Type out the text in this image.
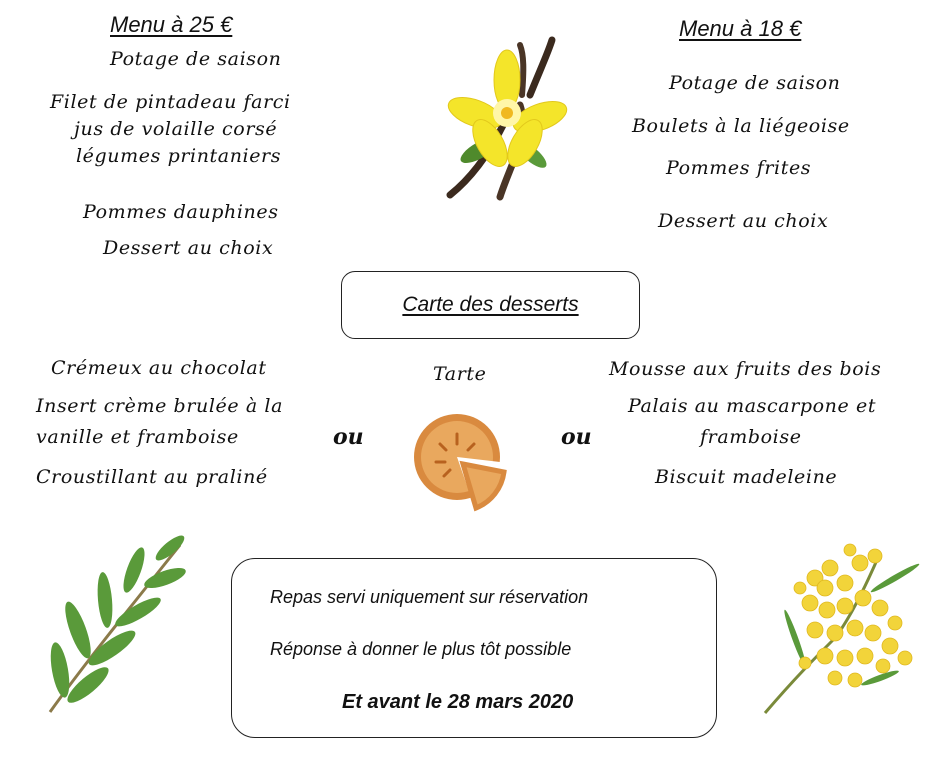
Menu à 25 €
Potage de saison
Filet de pintadeau farci
jus de volaille corsé
légumes printaniers
Pommes dauphines
Dessert au choix
Menu à 18 €
Potage de saison
Boulets à la liégeoise
Pommes frites
Dessert au choix
Carte des desserts
Crémeux au chocolat
Insert crème brulée à la
vanille et framboise
Croustillant au praliné
ou
Tarte
ou
Mousse aux fruits des bois
Palais au mascarpone et
framboise
Biscuit madeleine
Repas servi uniquement sur réservation
Réponse à donner le plus tôt possible
Et avant le 28 mars 2020
